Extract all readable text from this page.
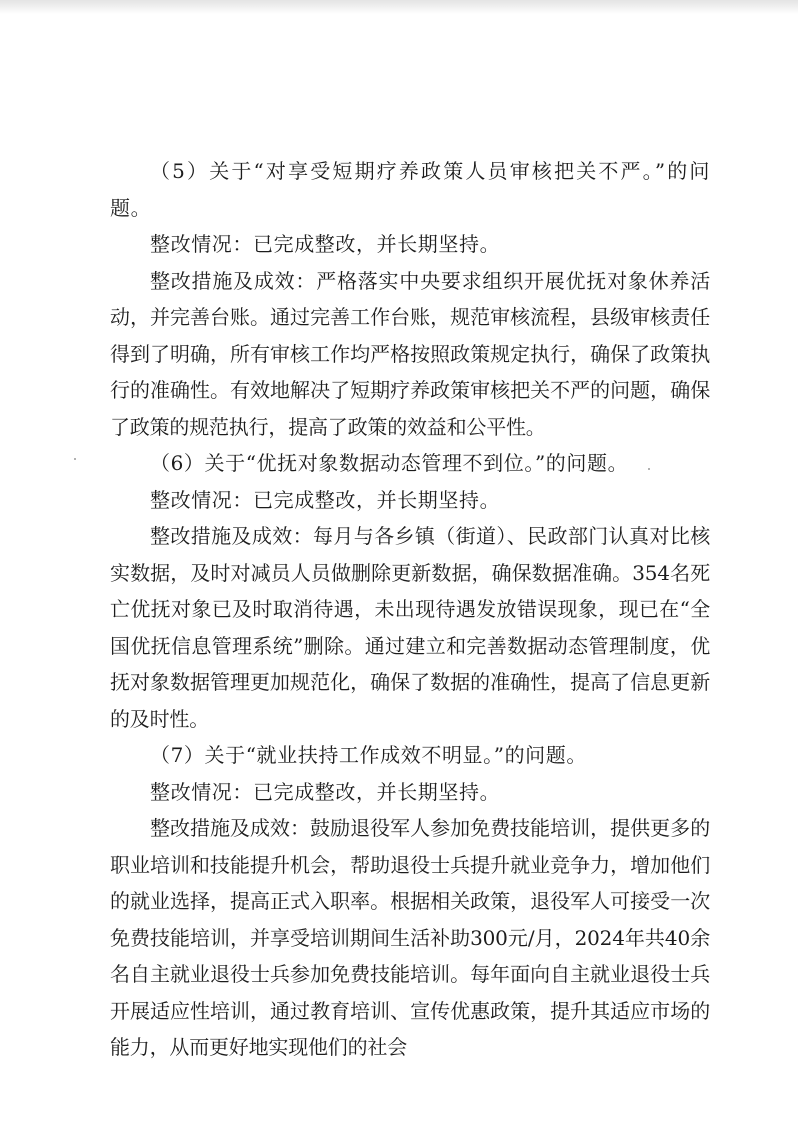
（5）关于“对享受短期疗养政策人员审核把关不严。”的问题。

整改情况：已完成整改，并长期坚持。

整改措施及成效：严格落实中央要求组织开展优抚对象休养活动，并完善台账。通过完善工作台账，规范审核流程，县级审核责任得到了明确，所有审核工作均严格按照政策规定执行，确保了政策执行的准确性。有效地解决了短期疗养政策审核把关不严的问题，确保了政策的规范执行，提高了政策的效益和公平性。

（6）关于“优抚对象数据动态管理不到位。”的问题。

整改情况：已完成整改，并长期坚持。

整改措施及成效：每月与各乡镇（街道）、民政部门认真对比核实数据，及时对减员人员做删除更新数据，确保数据准确。354名死亡优抚对象已及时取消待遇，未出现待遇发放错误现象，现已在“全国优抚信息管理系统”删除。通过建立和完善数据动态管理制度，优抚对象数据管理更加规范化，确保了数据的准确性，提高了信息更新的及时性。

（7）关于“就业扶持工作成效不明显。”的问题。

整改情况：已完成整改，并长期坚持。

整改措施及成效：鼓励退役军人参加免费技能培训，提供更多的职业培训和技能提升机会，帮助退役士兵提升就业竞争力，增加他们的就业选择，提高正式入职率。根据相关政策，退役军人可接受一次免费技能培训，并享受培训期间生活补助300元/月，2024年共40余名自主就业退役士兵参加免费技能培训。每年面向自主就业退役士兵开展适应性培训，通过教育培训、宣传优惠政策，提升其适应市场的能力，从而更好地实现他们的社会
